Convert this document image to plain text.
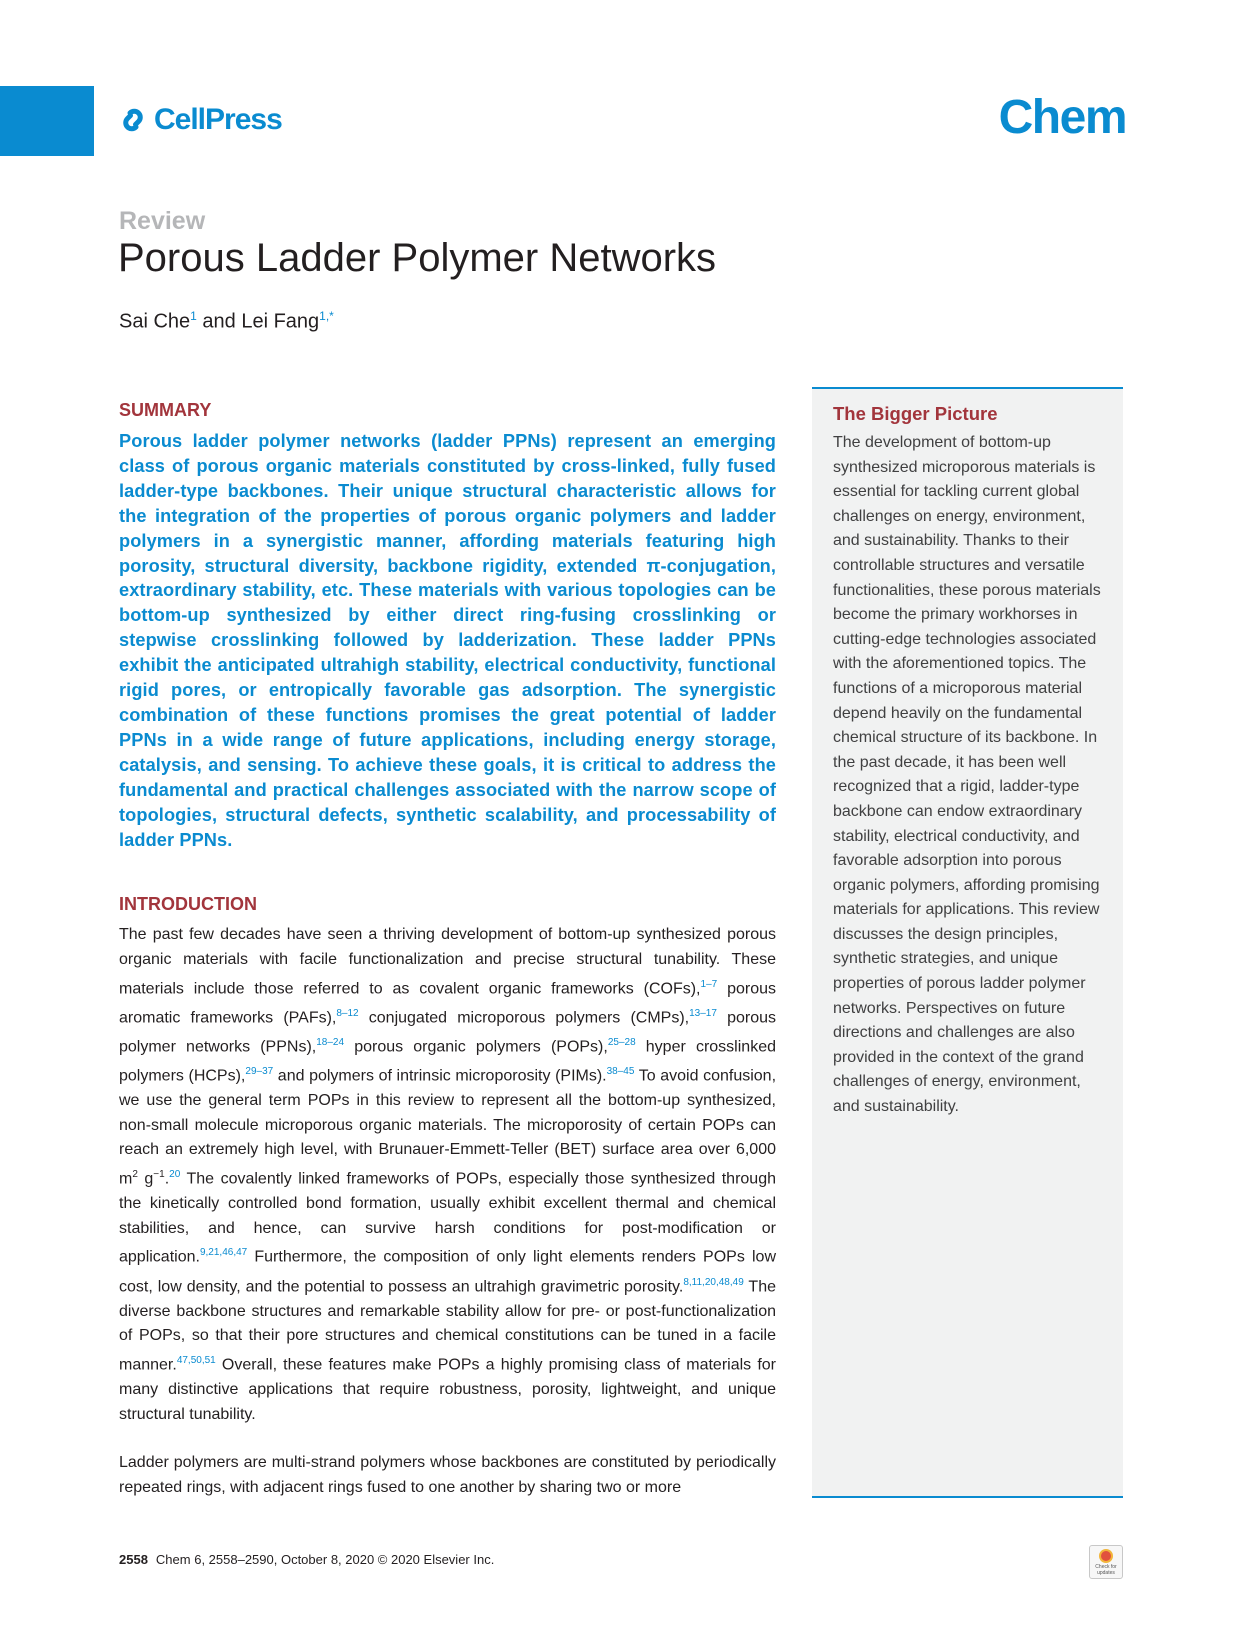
CellPress	Chem
Review
Porous Ladder Polymer Networks
Sai Che$^1$ and Lei Fang$^{1,*}$
SUMMARY

Porous ladder polymer networks (ladder PPNs) represent an emerging class of porous organic materials constituted by cross-linked, fully fused ladder-type backbones. Their unique structural characteristic allows for the integration of the properties of porous organic polymers and ladder polymers in a synergistic manner, affording materials featuring high porosity, structural diversity, backbone rigidity, extended π-conjugation, extraordinary stability, etc. These materials with various topologies can be bottom-up synthesized by either direct ring-fusing crosslinking or stepwise crosslinking followed by ladderization. These ladder PPNs exhibit the anticipated ultrahigh stability, electrical conductivity, functional rigid pores, or entropically favorable gas adsorption. The synergistic combination of these functions promises the great potential of ladder PPNs in a wide range of future applications, including energy storage, catalysis, and sensing. To achieve these goals, it is critical to address the fundamental and practical challenges associated with the narrow scope of topologies, structural defects, synthetic scalability, and processability of ladder PPNs.

INTRODUCTION

The past few decades have seen a thriving development of bottom-up synthesized porous organic materials with facile functionalization and precise structural tunability. These materials include those referred to as covalent organic frameworks (COFs),$^{1-7}$ porous aromatic frameworks (PAFs),$^{8-12}$ conjugated microporous polymers (CMPs),$^{13-17}$ porous polymer networks (PPNs),$^{18-24}$ porous organic polymers (POPs),$^{25-28}$ hyper crosslinked polymers (HCPs),$^{29-37}$ and polymers of intrinsic microporosity (PIMs).$^{38-45}$ To avoid confusion, we use the general term POPs in this review to represent all the bottom-up synthesized, non-small molecule microporous organic materials. The microporosity of certain POPs can reach an extremely high level, with Brunauer-Emmett-Teller (BET) surface area over 6,000 $m^2$ $g^{-1}.^{20}$ The covalently linked frameworks of POPs, especially those synthesized through the kinetically controlled bond formation, usually exhibit excellent thermal and chemical stabilities, and hence, can survive harsh conditions for post-modification or application.$^{9,21,46,47}$ Furthermore, the composition of only light elements renders POPs low cost, low density, and the potential to possess an ultrahigh gravimetric porosity.$^{8,11,20,48,49}$ The diverse backbone structures and remarkable stability allow for pre- or post-functionalization of POPs, so that their pore structures and chemical constitutions can be tuned in a facile manner.$^{47,50,51}$ Overall, these features make POPs a highly promising class of materials for many distinctive applications that require robustness, porosity, lightweight, and unique structural tunability.

Ladder polymers are multi-strand polymers whose backbones are constituted by periodically repeated rings, with adjacent rings fused to one another by sharing two or more

The Bigger Picture

The development of bottom-up synthesized microporous materials is essential for tackling current global challenges on energy, environment, and sustainability. Thanks to their controllable structures and versatile functionalities, these porous materials become the primary workhorses in cutting-edge technologies associated with the aforementioned topics. The functions of a microporous material depend heavily on the fundamental chemical structure of its backbone. In the past decade, it has been well recognized that a rigid, ladder-type backbone can endow extraordinary stability, electrical conductivity, and favorable adsorption into porous organic polymers, affording promising materials for applications. This review discusses the design principles, synthetic strategies, and unique properties of porous ladder polymer networks. Perspectives on future directions and challenges are also provided in the context of the grand challenges of energy, environment, and sustainability.

2558 Chem 6, 2558–2590, October 8, 2020 © 2020 Elsevier Inc.	Check for updates
